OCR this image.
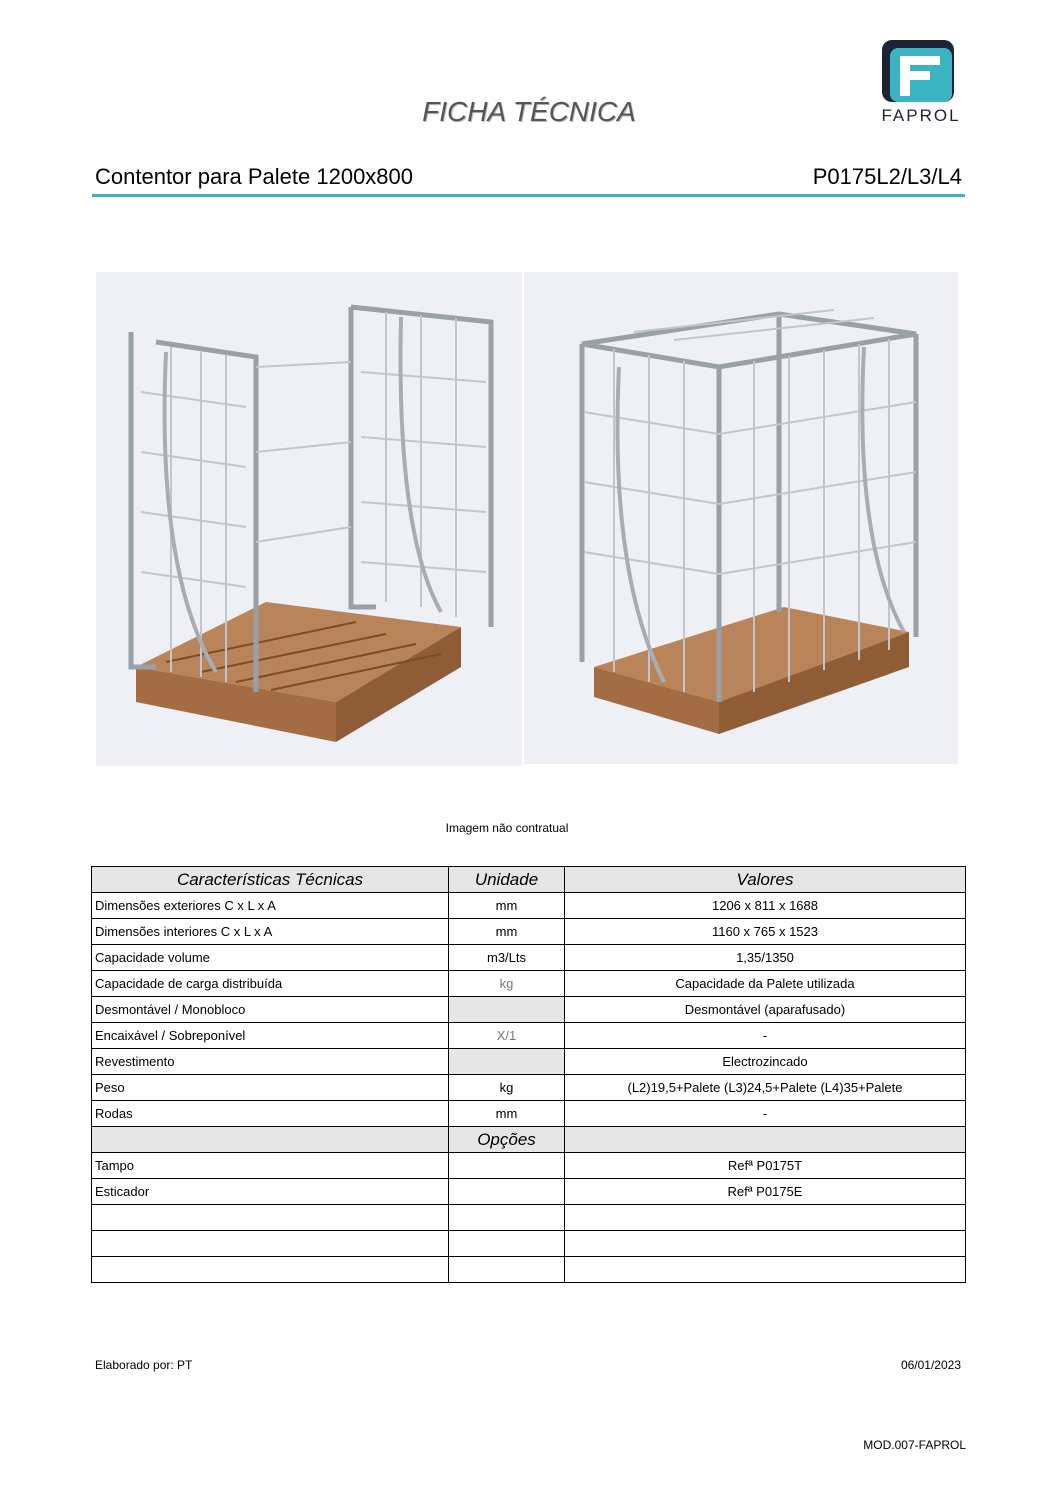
FAPROL
FICHA TÉCNICA
Contentor para Palete 1200x800	P0175L2/L3/L4
Imagem não contratual
Características Técnicas	Unidade	Valores
Dimensões exteriores C x L x A	mm	1206 x 811 x 1688
Dimensões interiores C x L x A	mm	1160 x 765 x 1523
Capacidade volume	m3/Lts	1,35/1350
Capacidade de carga distribuída	kg	Capacidade da Palete utilizada
Desmontável / Monobloco		Desmontável (aparafusado)
Encaixável / Sobreponível	X/1	-
Revestimento		Electrozincado
Peso	kg	(L2)19,5+Palete (L3)24,5+Palete (L4)35+Palete
Rodas	mm	-
	Opções	
Tampo		Refª P0175T
Esticador		Refª P0175E

Elaborado por: PT	06/01/2023
MOD.007-FAPROL
